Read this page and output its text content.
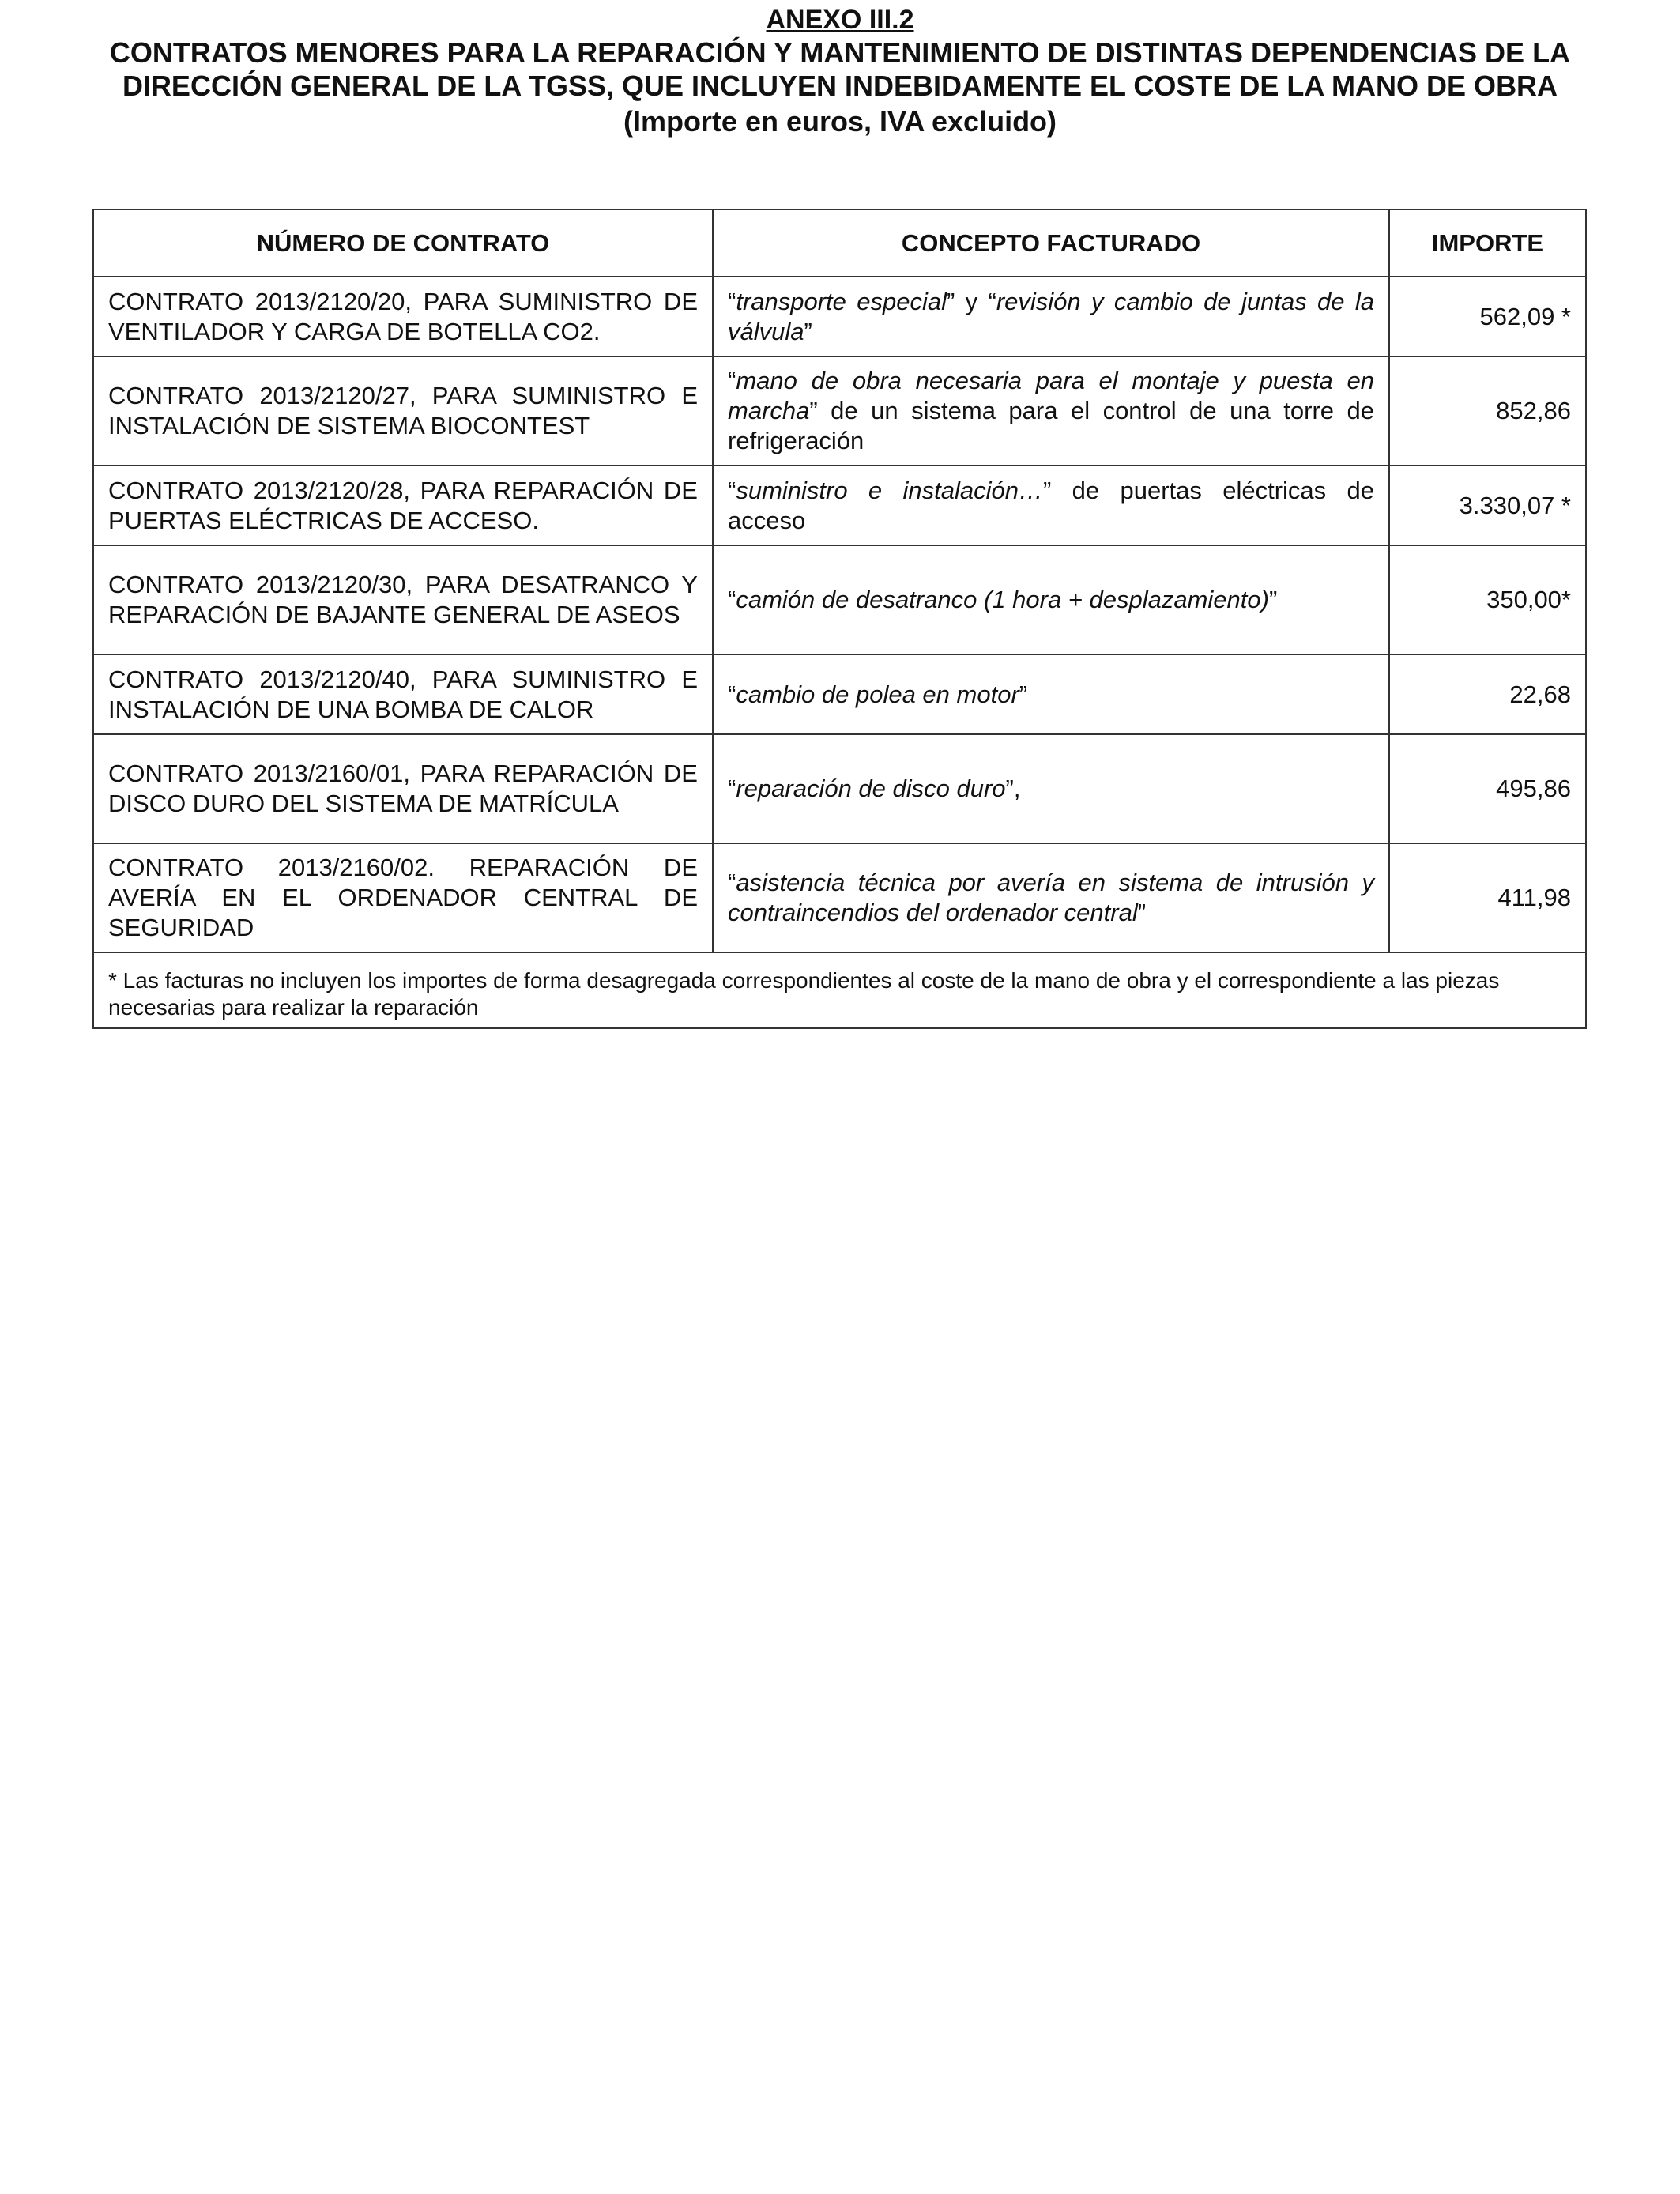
ANEXO III.2
CONTRATOS MENORES PARA LA REPARACIÓN Y MANTENIMIENTO DE DISTINTAS DEPENDENCIAS DE LA DIRECCIÓN GENERAL DE LA TGSS, QUE INCLUYEN INDEBIDAMENTE EL COSTE DE LA MANO DE OBRA
(Importe en euros, IVA excluido)
NÚMERO DE CONTRATO	CONCEPTO FACTURADO	IMPORTE
CONTRATO 2013/2120/20, PARA SUMINISTRO DE VENTILADOR Y CARGA DE BOTELLA CO2.	“transporte especial” y “revisión y cambio de juntas de la válvula”	562,09 *
CONTRATO 2013/2120/27, PARA SUMINISTRO E INSTALACIÓN DE SISTEMA BIOCONTEST	“mano de obra necesaria para el montaje y puesta en marcha” de un sistema para el control de una torre de refrigeración	852,86
CONTRATO 2013/2120/28, PARA REPARACIÓN DE PUERTAS ELÉCTRICAS DE ACCESO.	“suministro e instalación…” de puertas eléctricas de acceso	3.330,07 *
CONTRATO 2013/2120/30, PARA DESATRANCO Y REPARACIÓN DE BAJANTE GENERAL DE ASEOS	“camión de desatranco (1 hora + desplazamiento)”	350,00*
CONTRATO 2013/2120/40, PARA SUMINISTRO E INSTALACIÓN DE UNA BOMBA DE CALOR	“cambio de polea en motor”	22,68
CONTRATO 2013/2160/01, PARA REPARACIÓN DE DISCO DURO DEL SISTEMA DE MATRÍCULA	“reparación de disco duro”,	495,86
CONTRATO 2013/2160/02. REPARACIÓN DE AVERÍA EN EL ORDENADOR CENTRAL DE SEGURIDAD	“asistencia técnica por avería en sistema de intrusión y contraincendios del ordenador central”	411,98
* Las facturas no incluyen los importes de forma desagregada correspondientes al coste de la mano de obra y el correspondiente a las piezas necesarias para realizar la reparación		
